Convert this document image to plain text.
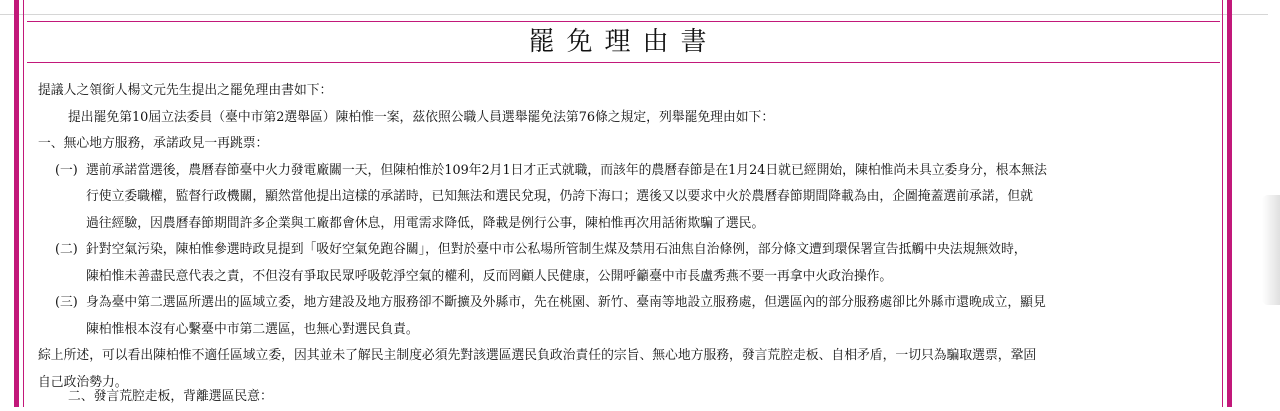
罷免理由書
提議人之領銜人楊文元先生提出之罷免理由書如下：
提出罷免第10屆立法委員（臺中市第2選舉區）陳柏惟一案，茲依照公職人員選舉罷免法第76條之規定，列舉罷免理由如下：
一、無心地方服務，承諾政見一再跳票：
(一) 選前承諾當選後，農曆春節臺中火力發電廠關一天，但陳柏惟於109年2月1日才正式就職，而該年的農曆春節是在1月24日就已經開始，陳柏惟尚未具立委身分，根本無法
行使立委職權，監督行政機關，顯然當他提出這樣的承諾時，已知無法和選民兌現，仍誇下海口；選後又以要求中火於農曆春節期間降載為由，企圖掩蓋選前承諾，但就
過往經驗，因農曆春節期間許多企業與工廠都會休息，用電需求降低，降載是例行公事，陳柏惟再次用話術欺騙了選民。
(二) 針對空氣污染，陳柏惟參選時政見提到「吸好空氣免跑谷關」，但對於臺中市公私場所管制生煤及禁用石油焦自治條例，部分條文遭到環保署宣告抵觸中央法規無效時，
陳柏惟未善盡民意代表之責，不但沒有爭取民眾呼吸乾淨空氣的權利，反而罔顧人民健康，公開呼籲臺中市長盧秀燕不要一再拿中火政治操作。
(三) 身為臺中第二選區所選出的區域立委，地方建設及地方服務卻不斷擴及外縣市，先在桃園、新竹、臺南等地設立服務處，但選區內的部分服務處卻比外縣市還晚成立，顯見
陳柏惟根本沒有心繫臺中市第二選區，也無心對選民負責。
綜上所述，可以看出陳柏惟不適任區域立委，因其並未了解民主制度必須先對該選區選民負政治責任的宗旨、無心地方服務，發言荒腔走板、自相矛盾，一切只為騙取選票，鞏固
自己政治勢力。
二、發言荒腔走板，背離選區民意：
